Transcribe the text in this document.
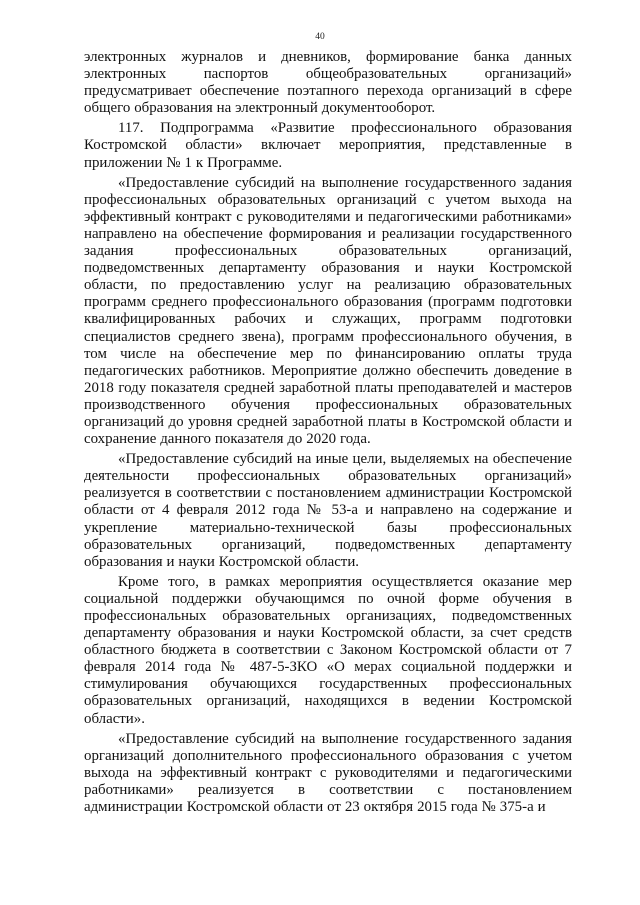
40

электронных журналов и дневников, формирование банка данных электронных паспортов общеобразовательных организаций» предусматривает обеспечение поэтапного перехода организаций в сфере общего образования на электронный документооборот.

117. Подпрограмма «Развитие профессионального образования Костромской области» включает мероприятия, представленные в приложении № 1 к Программе.

«Предоставление субсидий на выполнение государственного задания профессиональных образовательных организаций с учетом выхода на эффективный контракт с руководителями и педагогическими работниками» направлено на обеспечение формирования и реализации государственного задания профессиональных образовательных организаций, подведомственных департаменту образования и науки Костромской области, по предоставлению услуг на реализацию образовательных программ среднего профессионального образования (программ подготовки квалифицированных рабочих и служащих, программ подготовки специалистов среднего звена), программ профессионального обучения, в том числе на обеспечение мер по финансированию оплаты труда педагогических работников. Мероприятие должно обеспечить доведение в 2018 году показателя средней заработной платы преподавателей и мастеров производственного обучения профессиональных образовательных организаций до уровня средней заработной платы в Костромской области и сохранение данного показателя до 2020 года.

«Предоставление субсидий на иные цели, выделяемых на обеспечение деятельности профессиональных образовательных организаций» реализуется в соответствии с постановлением администрации Костромской области от 4 февраля 2012 года № 53-а и направлено на содержание и укрепление материально-технической базы профессиональных образовательных организаций, подведомственных департаменту образования и науки Костромской области.

Кроме того, в рамках мероприятия осуществляется оказание мер социальной поддержки обучающимся по очной форме обучения в профессиональных образовательных организациях, подведомственных департаменту образования и науки Костромской области, за счет средств областного бюджета в соответствии с Законом Костромской области от 7 февраля 2014 года № 487-5-ЗКО «О мерах социальной поддержки и стимулирования обучающихся государственных профессиональных образовательных организаций, находящихся в ведении Костромской области».

«Предоставление субсидий на выполнение государственного задания организаций дополнительного профессионального образования с учетом выхода на эффективный контракт с руководителями и педагогическими работниками» реализуется в соответствии с постановлением администрации Костромской области от 23 октября 2015 года № 375-а и
